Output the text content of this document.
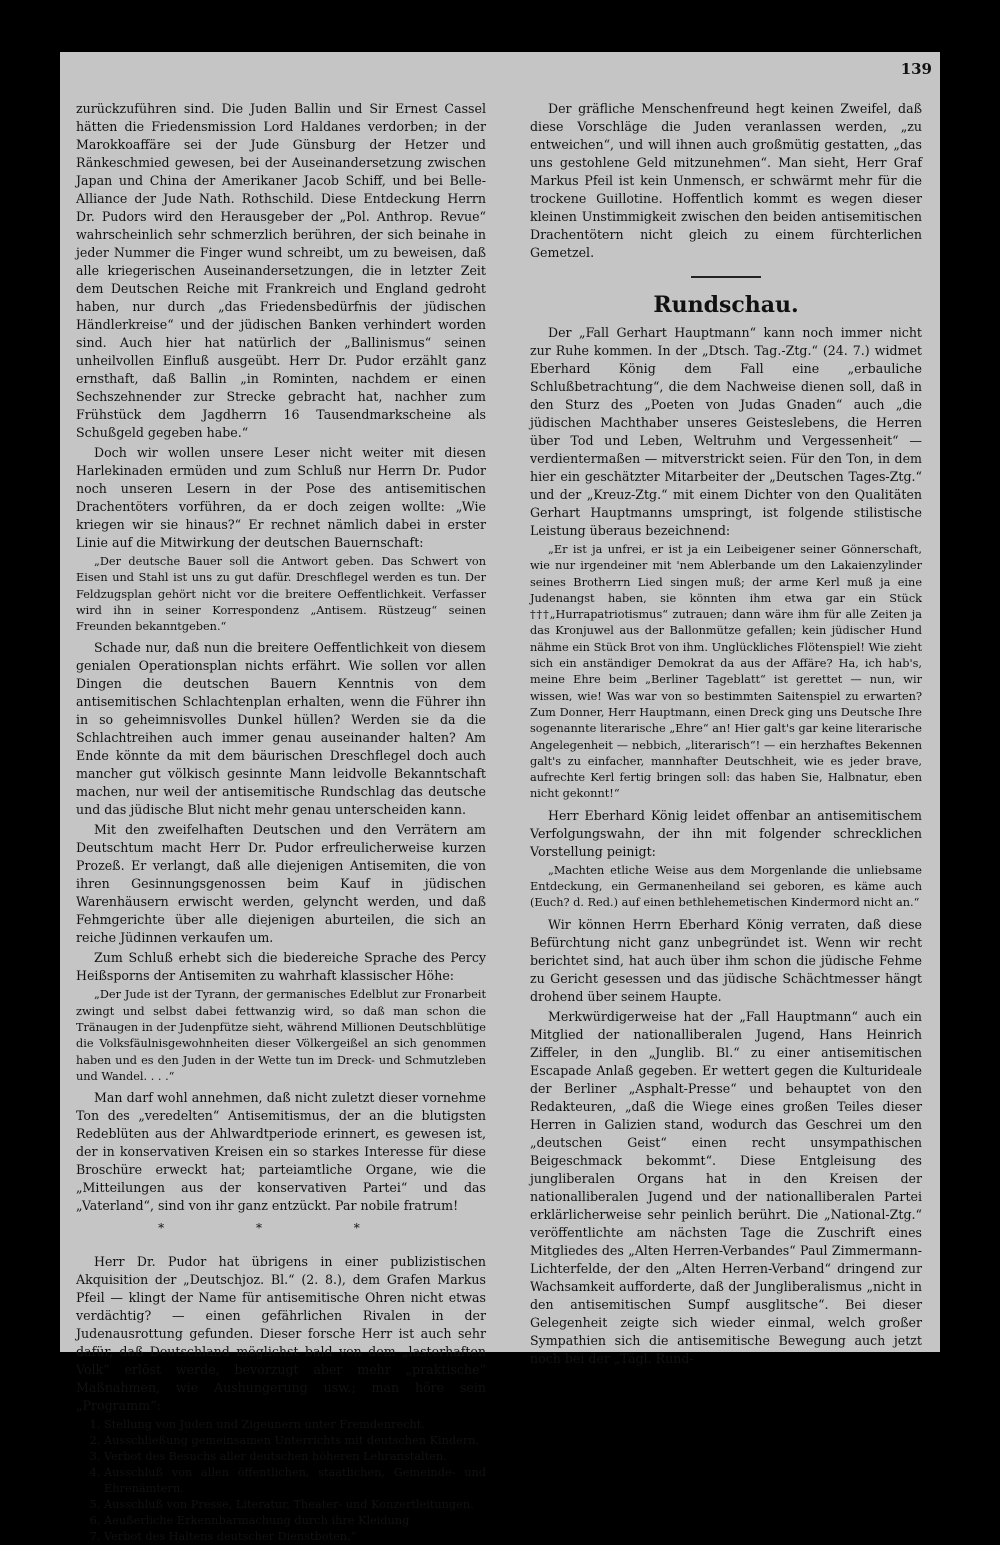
139

zurückzuführen sind. Die Juden Ballin und Sir Ernest Cassel hätten die Friedensmission Lord Haldanes verdorben; in der Marokkoaffäre sei der Jude Günsburg der Hetzer und Ränkeschmied gewesen, bei der Auseinandersetzung zwischen Japan und China der Amerikaner Jacob Schiff, und bei Belle-Alliance der Jude Nath. Rothschild. Diese Entdeckung Herrn Dr. Pudors wird den Herausgeber der „Pol. Anthrop. Revue“ wahrscheinlich sehr schmerzlich berühren, der sich beinahe in jeder Nummer die Finger wund schreibt, um zu beweisen, daß alle kriegerischen Auseinandersetzungen, die in letzter Zeit dem Deutschen Reiche mit Frankreich und England gedroht haben, nur durch „das Friedensbedürfnis der jüdischen Händlerkreise“ und der jüdischen Banken verhindert worden sind. Auch hier hat natürlich der „Ballinismus“ seinen unheilvollen Einfluß ausgeübt. Herr Dr. Pudor erzählt ganz ernsthaft, daß Ballin „in Rominten, nachdem er einen Sechszehnender zur Strecke gebracht hat, nachher zum Frühstück dem Jagdherrn 16 Tausendmarkscheine als Schußgeld gegeben habe.“

Doch wir wollen unsere Leser nicht weiter mit diesen Harlekinaden ermüden und zum Schluß nur Herrn Dr. Pudor noch unseren Lesern in der Pose des antisemitischen Drachentöters vorführen, da er doch zeigen wollte: „Wie kriegen wir sie hinaus?“ Er rechnet nämlich dabei in erster Linie auf die Mitwirkung der deutschen Bauernschaft:

„Der deutsche Bauer soll die Antwort geben. Das Schwert von Eisen und Stahl ist uns zu gut dafür. Dreschflegel werden es tun. Der Feldzugsplan gehört nicht vor die breitere Oeffentlichkeit. Verfasser wird ihn in seiner Korrespondenz „Antisem. Rüstzeug“ seinen Freunden bekanntgeben.“

Schade nur, daß nun die breitere Oeffentlichkeit von diesem genialen Operationsplan nichts erfährt. Wie sollen vor allen Dingen die deutschen Bauern Kenntnis von dem antisemitischen Schlachtenplan erhalten, wenn die Führer ihn in so geheimnisvolles Dunkel hüllen? Werden sie da die Schlachtreihen auch immer genau auseinander halten? Am Ende könnte da mit dem bäurischen Dreschflegel doch auch mancher gut völkisch gesinnte Mann leidvolle Bekanntschaft machen, nur weil der antisemitische Rundschlag das deutsche und das jüdische Blut nicht mehr genau unterscheiden kann.

Mit den zweifelhaften Deutschen und den Verrätern am Deutschtum macht Herr Dr. Pudor erfreulicherweise kurzen Prozeß. Er verlangt, daß alle diejenigen Antisemiten, die von ihren Gesinnungsgenossen beim Kauf in jüdischen Warenhäusern erwischt werden, gelyncht werden, und daß Fehmgerichte über alle diejenigen aburteilen, die sich an reiche Jüdinnen verkaufen um.

Zum Schluß erhebt sich die biedereiche Sprache des Percy Heißsporns der Antisemiten zu wahrhaft klassischer Höhe:

„Der Jude ist der Tyrann, der germanisches Edelblut zur Fronarbeit zwingt und selbst dabei fettwanzig wird, so daß man schon die Tränaugen in der Judenpfütze sieht, während Millionen Deutschblütige die Volksfäulnisgewohnheiten dieser Völkergeißel an sich genommen haben und es den Juden in der Wette tun im Dreck- und Schmutzleben und Wandel. . . .“

Man darf wohl annehmen, daß nicht zuletzt dieser vornehme Ton des „veredelten“ Antisemitismus, der an die blutigsten Redeblüten aus der Ahlwardtperiode erinnert, es gewesen ist, der in konservativen Kreisen ein so starkes Interesse für diese Broschüre erweckt hat; parteiamtliche Organe, wie die „Mitteilungen aus der konservativen Partei“ und das „Vaterland“, sind von ihr ganz entzückt. Par nobile fratrum!

* * *

Herr Dr. Pudor hat übrigens in einer publizistischen Akquisition der „Deutschjoz. Bl.“ (2. 8.), dem Grafen Markus Pfeil — klingt der Name für antisemitische Ohren nicht etwas verdächtig? — einen gefährlichen Rivalen in der Judenausrottung gefunden. Dieser forsche Herr ist auch sehr dafür, daß Deutschland möglichst bald von dem „lasterhaften Volk“ erlöst werde, bevorzugt aber mehr „praktische“ Maßnahmen, wie Aushungerung usw.; man höre sein „Programm“:

1. Stellung von Juden und Zigeunern unter Fremdenrecht.
2. Ausschließung gemeinsamen Unterrichts mit deutschen Kindern.
3. Verbot des Besuchs aller deutschen höheren Lehranstalten.
4. Ausschluß von allen öffentlichen, staatlichen, Gemeinde- und Ehrenämtern.
5. Ausschluß von Presse, Literatur, Theater- und Konzertleitungen.
6. Aeußerliche Erkennbarmachung durch ihre Kleidung
7. Verbot des Haltens deutscher Dienstboten.“

Der gräfliche Menschenfreund hegt keinen Zweifel, daß diese Vorschläge die Juden veranlassen werden, „zu entweichen“, und will ihnen auch großmütig gestatten, „das uns gestohlene Geld mitzunehmen“. Man sieht, Herr Graf Markus Pfeil ist kein Unmensch, er schwärmt mehr für die trockene Guillotine. Hoffentlich kommt es wegen dieser kleinen Unstimmigkeit zwischen den beiden antisemitischen Drachentötern nicht gleich zu einem fürchterlichen Gemetzel.

Rundschau.

Der „Fall Gerhart Hauptmann“ kann noch immer nicht zur Ruhe kommen. In der „Dtsch. Tag.-Ztg.“ (24. 7.) widmet Eberhard König dem Fall eine „erbauliche Schlußbetrachtung“, die dem Nachweise dienen soll, daß in den Sturz des „Poeten von Judas Gnaden“ auch „die jüdischen Machthaber unseres Geisteslebens, die Herren über Tod und Leben, Weltruhm und Vergessenheit“ — verdientermaßen — mitverstrickt seien. Für den Ton, in dem hier ein geschätzter Mitarbeiter der „Deutschen Tages-Ztg.“ und der „Kreuz-Ztg.“ mit einem Dichter von den Qualitäten Gerhart Hauptmanns umspringt, ist folgende stilistische Leistung überaus bezeichnend:

„Er ist ja unfrei, er ist ja ein Leibeigener seiner Gönnerschaft, wie nur irgendeiner mit 'nem Ablerbande um den Lakaienzylinder seines Brotherrn Lied singen muß; der arme Kerl muß ja eine Judenangst haben, sie könnten ihm etwa gar ein Stück †††„Hurrapatriotismus“ zutrauen; dann wäre ihm für alle Zeiten ja das Kronjuwel aus der Ballonmütze gefallen; kein jüdischer Hund nähme ein Stück Brot von ihm. Unglückliches Flötenspiel! Wie zieht sich ein anständiger Demokrat da aus der Affäre? Ha, ich hab's, meine Ehre beim „Berliner Tageblatt“ ist gerettet — nun, wir wissen, wie! Was war von so bestimmten Saitenspiel zu erwarten? Zum Donner, Herr Hauptmann, einen Dreck ging uns Deutsche Ihre sogenannte literarische „Ehre“ an! Hier galt's gar keine literarische Angelegenheit — nebbich, „literarisch“! — ein herzhaftes Bekennen galt's zu einfacher, mannhafter Deutschheit, wie es jeder brave, aufrechte Kerl fertig bringen soll: das haben Sie, Halbnatur, eben nicht gekonnt!“

Herr Eberhard König leidet offenbar an antisemitischem Verfolgungswahn, der ihn mit folgender schrecklichen Vorstellung peinigt:

„Machten etliche Weise aus dem Morgenlande die unliebsame Entdeckung, ein Germanenheiland sei geboren, es käme auch (Euch? d. Red.) auf einen bethlehemetischen Kindermord nicht an.“

Wir können Herrn Eberhard König verraten, daß diese Befürchtung nicht ganz unbegründet ist. Wenn wir recht berichtet sind, hat auch über ihm schon die jüdische Fehme zu Gericht gesessen und das jüdische Schächtmesser hängt drohend über seinem Haupte.

Merkwürdigerweise hat der „Fall Hauptmann“ auch ein Mitglied der nationalliberalen Jugend, Hans Heinrich Ziffeler, in den „Junglib. Bl.“ zu einer antisemitischen Escapade Anlaß gegeben. Er wettert gegen die Kulturideale der Berliner „Asphalt-Presse“ und behauptet von den Redakteuren, „daß die Wiege eines großen Teiles dieser Herren in Galizien stand, wodurch das Geschrei um den „deutschen Geist“ einen recht unsympathischen Beigeschmack bekommt“. Diese Entgleisung des jungliberalen Organs hat in den Kreisen der nationalliberalen Jugend und der nationalliberalen Partei erklärlicherweise sehr peinlich berührt. Die „National-Ztg.“ veröffentlichte am nächsten Tage die Zuschrift eines Mitgliedes des „Alten Herren-Verbandes“ Paul Zimmermann-Lichterfelde, der den „Alten Herren-Verband“ dringend zur Wachsamkeit aufforderte, daß der Jungliberalismus „nicht in den antisemitischen Sumpf ausglitsche“. Bei dieser Gelegenheit zeigte sich wieder einmal, welch großer Sympathien sich die antisemitische Bewegung auch jetzt noch bei der „Tägl. Rund-
